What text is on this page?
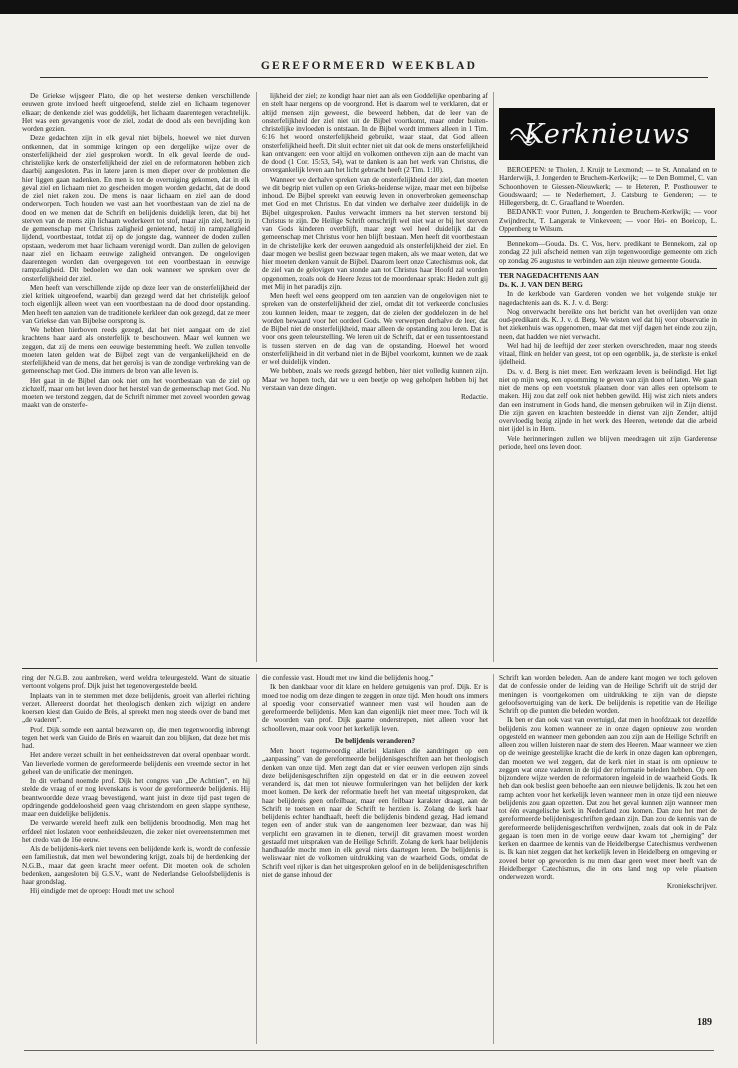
GEREFORMEERD WEEKBLAD

De Griekse wijsgeer Plato, die op het westerse denken verschillende eeuwen grote invloed heeft uitgeoefend, stelde ziel en lichaam tegenover elkaar; de denkende ziel was goddelijk, het lichaam daarentegen verachtelijk. Het was een gevangenis voor de ziel, zodat de dood als een bevrijding kon worden gezien.

Deze gedachten zijn in elk geval niet bijbels, hoewel we niet durven ontkennen, dat in sommige kringen op een dergelijke wijze over de onsterfelijkheid der ziel gesproken wordt. In elk geval leerde de oud-christelijke kerk de onsterfelijkheid der ziel en de reformatoren hebben zich daarbij aangesloten. Pas in latere jaren is men dieper over de problemen die hier liggen gaan nadenken. En men is tot de overtuiging gekomen, dat in elk geval ziel en lichaam niet zo gescheiden mogen worden gedacht, dat de dood de ziel niet raken zou. De mens is naar lichaam en ziel aan de dood onderworpen. Toch houden we vast aan het voortbestaan van de ziel na de dood en we menen dat de Schrift en belijdenis duidelijk leren, dat bij het sterven van de mens zijn lichaam wederkeert tot stof, maar zijn ziel, hetzij in de gemeenschap met Christus zaligheid genietend, hetzij in rampzaligheid lijdend, voortbestaat, totdat zij op de jongste dag, wanneer de doden zullen opstaan, wederom met haar lichaam verenigd wordt. Dan zullen de gelovigen naar ziel en lichaam eeuwige zaligheid ontvangen. De ongelovigen daarentegen worden dan overgegeven tot een voortbestaan in eeuwige rampzaligheid. Dit bedoelen we dan ook wanneer we spreken over de onsterfelijkheid der ziel.

Men heeft van verschillende zijde op deze leer van de onsterfelijkheid der ziel kritiek uitgeoefend, waarbij dan gezegd werd dat het christelijk geloof toch eigenlijk alleen weet van een voortbestaan na de dood door opstanding. Men heeft ten aanzien van de traditionele kerkleer dan ook gezegd, dat ze meer van Griekse dan van Bijbelse oorsprong is.

We hebben hierboven reeds gezegd, dat het niet aangaat om de ziel krachtens haar aard als onsterfelijk te beschouwen. Maar wel kunnen we zeggen, dat zij de mens een eeuwige bestemming heeft. We zullen tenvolle moeten laten gelden wat de Bijbel zegt van de vergankelijkheid en de sterfelijkheid van de mens, dat het geroïsj is van de zondige verbreking van de gemeenschap met God. Die immers de bron van alle leven is.

Het gaat in de Bijbel dan ook niet om het voortbestaan van de ziel op zichzelf, maar om het leven door het herstel van de gemeenschap met God. Nu moeten we terstond zeggen, dat de Schrift nimmer met zoveel woorden gewag maakt van de onsterfe-

lijkheid der ziel; ze kondigt haar niet aan als een Goddelijke openbaring af en stelt haar nergens op de voorgrond. Het is daarom wel te verklaren, dat er altijd mensen zijn geweest, die beweerd hebben, dat de leer van de onsterfelijkheid der ziel niet uit de Bijbel voortkomt, maar onder buiten-christelijke invloeden is ontstaan. In de Bijbel wordt immers alleen in 1 Tim. 6:16 het woord onsterfelijkheid gebruikt, waar staat, dat God alleen onsterfelijkheid heeft. Dit sluit echter niet uit dat ook de mens onsterfelijkheid kan ontvangen: een voor altijd en volkomen ontheven zijn aan de macht van de dood (1 Cor. 15:53, 54), wat te danken is aan het werk van Christus, die onvergankelijk leven aan het licht gebracht heeft (2 Tim. 1:10).

Wanneer we derhalve spreken van de onsterfelijkheid der ziel, dan moeten we dit begrip niet vullen op een Grieks-heidense wijze, maar met een bijbelse inhoud. De Bijbel spreekt van eeuwig leven in onoverbroken gemeenschap met God en met Christus. En dat vinden we derhalve zeer duidelijk in de Bijbel uitgesproken. Paulus verwacht immers na het sterven terstond bij Christus te zijn. De Heilige Schrift omschrijft wel niet wat er bij het sterven van Gods kinderen overblijft, maar zegt wel heel duidelijk dat de gemeenschap met Christus voor hen blijft bestaan. Men heeft dit voortbestaan in de christelijke kerk der eeuwen aangeduid als onsterfelijkheid der ziel. En daar mogen we beslist geen bezwaar tegen maken, als we maar weten, dat we hier moeten denken vanuit de Bijbel. Daarom leert onze Catechismus ook, dat de ziel van de gelovigen van stonde aan tot Christus haar Hoofd zal worden opgenomen, zoals ook de Heere Jezus tot de moordenaar sprak: Heden zult gij met Mij in het paradijs zijn.

Men heeft wel eens geopperd om ten aanzien van de ongelovigen niet te spreken van de onsterfelijkheid der ziel, omdat dit tot verkeerde conclusies zou kunnen leiden, maar te zeggen, dat de zielen der goddelozen in de hel worden bewaard voor het oordeel Gods. We verwerpen derhalve de leer, dat de Bijbel niet de onsterfelijkheid, maar alleen de opstanding zou leren. Dat is voor ons geen teleurstelling. We leren uit de Schrift, dat er een tussentoestand is tussen sterven en de dag van de opstanding. Hoewel het woord onsterfelijkheid in dit verband niet in de Bijbel voorkomt, kunnen we de zaak er wel duidelijk vinden.

We hebben, zoals we reeds gezegd hebben, hier niet volledig kunnen zijn. Maar we hopen toch, dat we u een beetje op weg geholpen hebben bij het verstaan van deze dingen.

Redactie.

Kerknieuws

BEROEPEN: te Tholen, J. Kruijt te Lexmond; — te St. Annaland en te Harderwijk, J. Jongerden te Bruchem-Kerkwijk; — te Den Bommel, C. van Schoonhoven te Giessen-Nieuwkerk; — te Heteren, P. Posthouwer te Goudswaard; — te Nederhemert, J. Catsburg te Genderen; — te Hillegersberg, dr. C. Graafland te Woerden.

BEDANKT: voor Putten, J. Jongerden te Bruchem-Kerkwijk; — voor Zwijndrecht, T. Langerak te Vinkeveen; — voor Hei- en Boeicop, L. Oppenberg te Wilsum.

Bennekom—Gouda. Ds. C. Vos, herv. predikant te Bennekom, zal op zondag 22 juli afscheid nemen van zijn tegenwoordige gemeente om zich op zondag 26 augustus te verbinden aan zijn nieuwe gemeente Gouda.

TER NAGEDACHTENIS AAN

Ds. K. J. VAN DEN BERG

In de kerkbode van Garderen vonden we het volgende stukje ter nagedachtenis aan ds. K. J. v. d. Berg:

Nog onverwacht bereikte ons het bericht van het overlijden van onze oud-predikant ds. K. J. v. d. Berg. We wisten wel dat hij voor observatie in het ziekenhuis was opgenomen, maar dat met vijf dagen het einde zou zijn, neen, dat hadden we niet verwacht.

Wel had hij de leeftijd der zeer sterken overschreden, maar nog steeds vitaal, flink en helder van geest, tot op een ogenblik, ja, de sterkste is enkel ijdelheid.

Ds. v. d. Berg is niet meer. Een werkzaam leven is beëindigd. Het ligt niet op mijn weg, een opsomming te geven van zijn doen of laten. We gaan niet de mens op een voetstuk plaatsen door van alles een optelsom te maken. Hij zou dat zelf ook niet hebben gewild. Hij wist zich niets anders dan een instrument in Gods hand, die mensen gebruiken wil in Zijn dienst. Die zijn gaven en krachten besteedde in dienst van zijn Zender, altijd overvloedig bezig zijnde in het werk des Heeren, wetende dat die arbeid niet ijdel is in Hem.

Vele herinneringen zullen we blijven meedragen uit zijn Garderense periode, heel ons leven door.

ring der N.G.B. zou aanbreken, werd weldra teleurgesteld. Want de situatie vertoont volgens prof. Dijk juist het tegenovergestelde beeld.

Inplaats van in te stemmen met deze belijdenis, groeit van allerlei richting verzet. Allereerst doordat het theologisch denken zich wijzigt en andere koersen kiest dan Guido de Brès, al spreekt men nog steeds over de band met „de vaderen”.

Prof. Dijk somde een aantal bezwaren op, die men tegenwoordig inbrengt tegen het werk van Guido de Brès en waaruit dan zou blijken, dat deze het mis had.

Het andere verzet schuilt in het eenheidsstreven dat overal openbaar wordt. Van lieverlede vormen de gereformeerde belijdenis een vreemde sector in het geheel van de unificatie der meningen.

In dit verband noemde prof. Dijk het congres van „De Achttien”, en hij stelde de vraag of er nog levenskans is voor de gereformeerde belijdenis. Hij beantwoordde deze vraag bevestigend, want juist in deze tijd past tegen de opdringende goddeloosheid geen vaag christendom en geen slappe synthese, maar een duidelijke belijdenis.

De verwarde wereld heeft zulk een belijdenis broodnodig. Men mag het erfdeel niet loslaten voor eenheidsleuzen, die zeker niet overeenstemmen met het credo van de 16e eeuw.

Als de belijdenis-kerk niet tevens een belijdende kerk is, wordt de confessie een familiestuk, dat men wel bewondering krijgt, zoals bij de herdenking der N.G.B., maar dat geen kracht meer oefent. Dit moeten ook de scholen bedenken, aangesloten bij G.S.V., want de Nederlandse Geloofsbelijdenis is haar grondslag.

Hij eindigde met de oproep: Houdt met uw school

die confessie vast. Houdt met uw kind die belijdenis hoog.”

Ik ben dankbaar voor dit klare en heldere getuigenis van prof. Dijk. Er is moed toe nodig om deze dingen te zeggen in onze tijd. Men houdt ons immers al spoedig voor conservatief wanneer men vast wil houden aan de gereformeerde belijdenis. Men kan dan eigenlijk niet meer mee. Toch wil ik de woorden van prof. Dijk gaarne onderstrepen, niet alleen voor het schoolleven, maar ook voor het kerkelijk leven.

De belijdenis veranderen?

Men hoort tegenwoordig allerlei klanken die aandringen op een „aanpassing” van de gereformeerde belijdenisgeschriften aan het theologisch denken van onze tijd. Men zegt dan dat er vier eeuwen verlopen zijn sinds deze belijdenisgeschriften zijn opgesteld en dat er in die eeuwen zoveel veranderd is, dat men tot nieuwe formuleringen van het belijden der kerk moet komen. De kerk der reformatie heeft het van meetaf uitgesproken, dat haar belijdenis geen onfeilbaar, maar een feilbaar karakter draagt, aan de Schrift te toetsen en naar de Schrift te herzien is. Zolang de kerk haar belijdenis echter handhaaft, heeft die belijdenis bindend gezag. Had iemand tegen een of ander stuk van de aangenomen leer bezwaar, dan was hij verplicht een gravamen in te dienen, terwijl dit gravamen moest worden gestaafd met uitspraken van de Heilige Schrift. Zolang de kerk haar belijdenis handhaafde mocht men in elk geval niets daartegen leren. De belijdenis is weliswaar niet de volkomen uitdrukking van de waarheid Gods, omdat de Schrift veel rijker is dan het uitgesproken geloof en in de belijdenisgeschriften niet de ganse inhoud der

Schrift kan worden beleden. Aan de andere kant mogen we toch geloven dat de confessie onder de leiding van de Heilige Schrift uit de strijd der meningen is voortgekomen om uitdrukking te zijn van de diepste geloofsovertuiging van de kerk. De belijdenis is repetitie van de Heilige Schrift op die punten die beleden worden.

Ik ben er dan ook vast van overtuigd, dat men in hoofdzaak tot dezelfde belijdenis zou komen wanneer ze in onze dagen opnieuw zou worden opgesteld en wanneer men gebonden aan zou zijn aan de Heilige Schrift en alleen zou willen luisteren naar de stem des Heeren. Maar wanneer we zien op de weinige geestelijke kracht die de kerk in onze dagen kan opbrengen, dan moeten we wel zeggen, dat de kerk niet in staat is om opnieuw te zeggen wat onze vaderen in de tijd der reformatie beleden hebben. Op een bijzondere wijze werden de reformatoren ingeleid in de waarheid Gods. Ik heb dan ook beslist geen behoefte aan een nieuwe belijdenis. Ik zou het een ramp achten voor het kerkelijk leven wanneer men in onze tijd een nieuwe belijdenis zou gaan opzetten. Dat zou het geval kunnen zijn wanneer men tot één evangelische kerk in Nederland zou komen. Dan zou het met de gereformeerde belijdenisgeschriften gedaan zijn. Dan zou de kennis van de gereformeerde belijdenisgeschriften verdwijnen, zoals dat ook in de Palz gegaan is toen men in de vorige eeuw daar kwam tot „herniging” der kerken en daarmee de kennis van de Heidelbergse Catechismus verdwenen is. Ik kan niet zeggen dat het kerkelijk leven in Heidelberg en omgeving er zoveel beter op geworden is nu men daar geen weet meer heeft van de Heidelberger Catechismus, die in ons land nog op vele plaatsen onderwezen wordt.

Kroniekschrijver.

189
